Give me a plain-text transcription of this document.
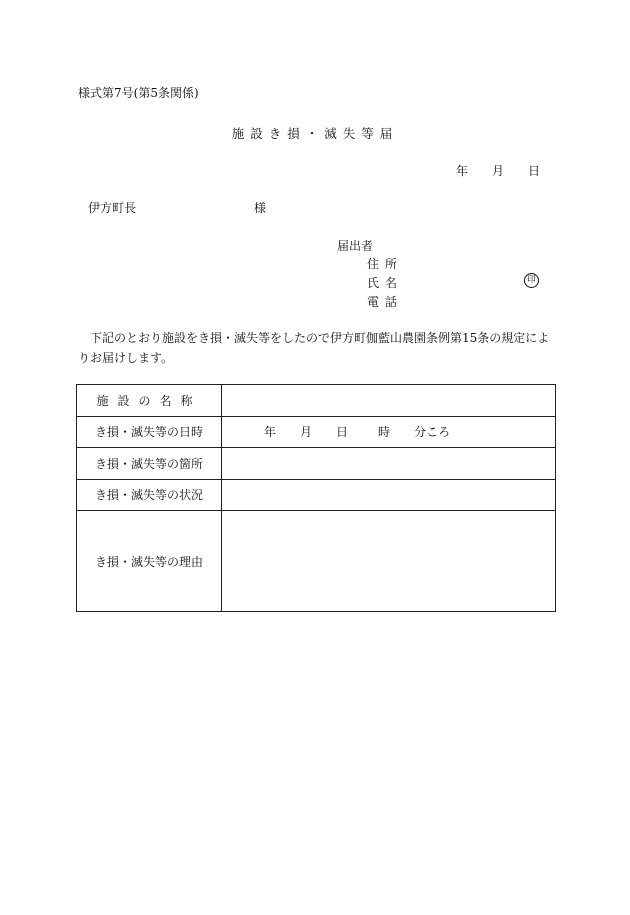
様式第7号(第5条関係)
施設き損・滅失等届
年 月 日
伊方町長	様
届出者
住所
氏名	印
電話
下記のとおり施設をき損・滅失等をしたので伊方町伽藍山農園条例第15条の規定によりお届けします。
施設の名称	
き損・滅失等の日時	年 月 日 時 分ころ
き損・滅失等の箇所	
き損・滅失等の状況	
き損・滅失等の理由	
